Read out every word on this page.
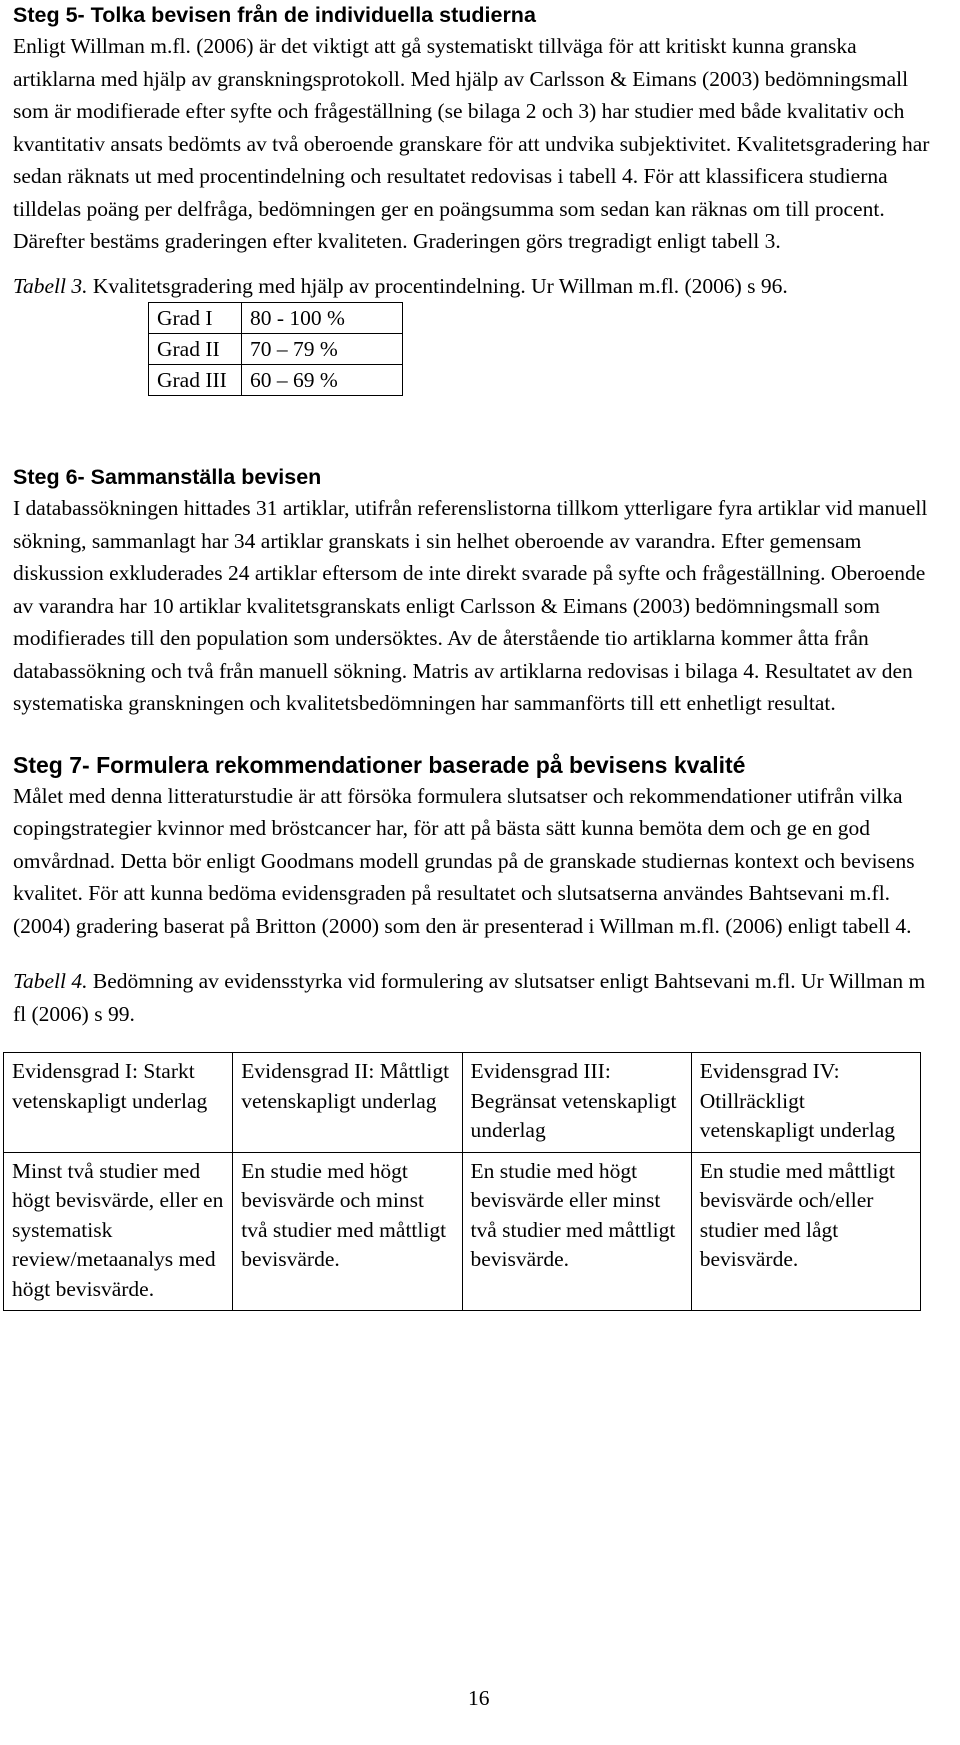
Steg 5- Tolka bevisen från de individuella studierna

Enligt Willman m.fl. (2006) är det viktigt att gå systematiskt tillväga för att kritiskt kunna granska artiklarna med hjälp av granskningsprotokoll. Med hjälp av Carlsson & Eimans (2003) bedömningsmall som är modifierade efter syfte och frågeställning (se bilaga 2 och 3) har studier med både kvalitativ och kvantitativ ansats bedömts av två oberoende granskare för att undvika subjektivitet. Kvalitetsgradering har sedan räknats ut med procentindelning och resultatet redovisas i tabell 4. För att klassificera studierna tilldelas poäng per delfråga, bedömningen ger en poängsumma som sedan kan räknas om till procent. Därefter bestäms graderingen efter kvaliteten. Graderingen görs tregradigt enligt tabell 3.

Tabell 3. Kvalitetsgradering med hjälp av procentindelning. Ur Willman m.fl. (2006) s 96.

Grad I	80 - 100 %
Grad II	70 – 79 %
Grad III	60 – 69 %
Steg 6- Sammanställa bevisen

I databassökningen hittades 31 artiklar, utifrån referenslistorna tillkom ytterligare fyra artiklar vid manuell sökning, sammanlagt har 34 artiklar granskats i sin helhet oberoende av varandra. Efter gemensam diskussion exkluderades 24 artiklar eftersom de inte direkt svarade på syfte och frågeställning. Oberoende av varandra har 10 artiklar kvalitetsgranskats enligt Carlsson & Eimans (2003) bedömningsmall som modifierades till den population som undersöktes. Av de återstående tio artiklarna kommer åtta från databassökning och två från manuell sökning. Matris av artiklarna redovisas i bilaga 4. Resultatet av den systematiska granskningen och kvalitetsbedömningen har sammanförts till ett enhetligt resultat.

Steg 7- Formulera rekommendationer baserade på bevisens kvalité

Målet med denna litteraturstudie är att försöka formulera slutsatser och rekommendationer utifrån vilka copingstrategier kvinnor med bröstcancer har, för att på bästa sätt kunna bemöta dem och ge en god omvårdnad. Detta bör enligt Goodmans modell grundas på de granskade studiernas kontext och bevisens kvalitet. För att kunna bedöma evidensgraden på resultatet och slutsatserna användes Bahtsevani m.fl. (2004) gradering baserat på Britton (2000) som den är presenterad i Willman m.fl. (2006) enligt tabell 4.

Tabell 4. Bedömning av evidensstyrka vid formulering av slutsatser enligt Bahtsevani m.fl. Ur Willman m fl (2006) s 99.

Evidensgrad I: Starkt vetenskapligt underlag	Evidensgrad II: Måttligt vetenskapligt underlag	Evidensgrad III: Begränsat vetenskapligt underlag	Evidensgrad IV: Otillräckligt vetenskapligt underlag
Minst två studier med högt bevisvärde, eller en systematisk review/metaanalys med högt bevisvärde.	En studie med högt bevisvärde och minst två studier med måttligt bevisvärde.	En studie med högt bevisvärde eller minst två studier med måttligt bevisvärde.	En studie med måttligt bevisvärde och/eller studier med lågt bevisvärde.
16
